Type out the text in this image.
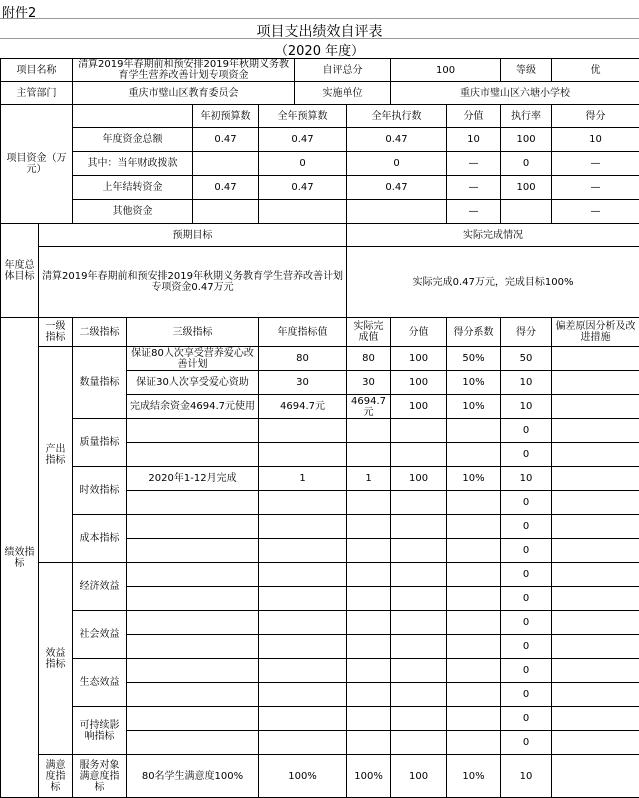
附件2
项目支出绩效自评表
（2020 年度）
项目名称		清算2019年春期前和预安排2019年秋期义务教育学生营养改善计划专项资金				自评总分		100		等级	优
主管部门		重庆市璧山区教育委员会				实施单位		重庆市璧山区六塘小学校			
项目资金（万元）				年初预算数	全年预算数		全年执行数		分值	执行率	得分
		年度资金总额		0.47	0.47		0.47		10	100	10
		其中：当年财政拨款			0		0		—	0	—
		上年结转资金		0.47	0.47		0.47		—	100	—
		其他资金							—		—
年度总体目标	预期目标						实际完成情况				
	清算2019年春期前和预安排2019年秋期义务教育学生营养改善计划专项资金0.47万元						实际完成0.47万元，完成目标100%				
绩效指标	一级指标	二级指标	三级指标		年度指标值		实际完成值	分值	得分系数	得分	偏差原因分析及改进措施
	产出指标	数量指标	保证80人次享受营养爱心改善计划		80		80	100	50%	50	
			保证30人次享受爱心资助		30		30	100	10%	10	
			完成结余资金4694.7元使用		4694.7元		4694.7元	100	10%	10	
		质量指标								0	
										0	
		时效指标	2020年1-12月完成		1		1	100	10%	10	
										0	
		成本指标								0	
										0	
	效益指标	经济效益								0	
										0	
		社会效益								0	
										0	
		生态效益								0	
										0	
		可持续影响指标								0	
										0	
	满意度指标	服务对象满意度指标	80名学生满意度100%		100%		100%	100	10%	10	
